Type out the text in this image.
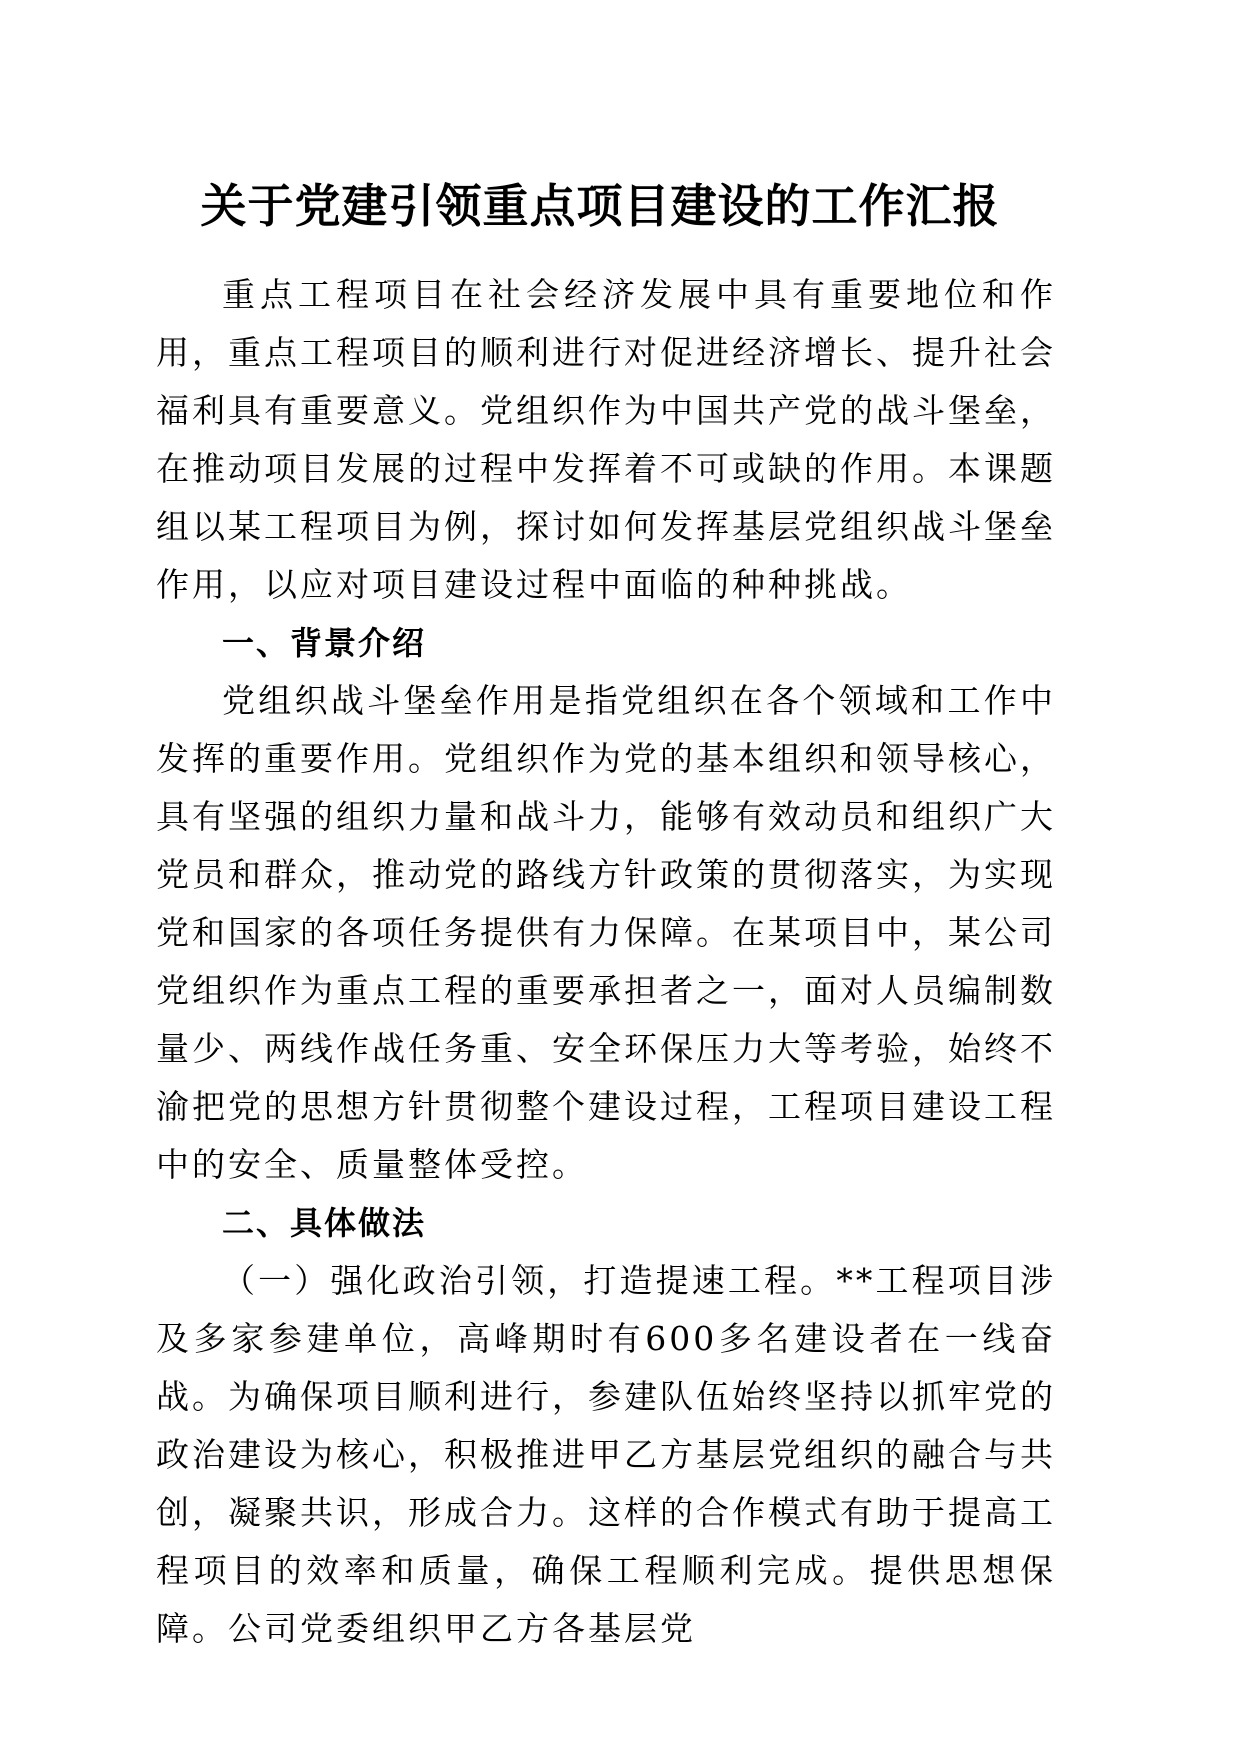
关于党建引领重点项目建设的工作汇报

重点工程项目在社会经济发展中具有重要地位和作用，重点工程项目的顺利进行对促进经济增长、提升社会福利具有重要意义。党组织作为中国共产党的战斗堡垒，在推动项目发展的过程中发挥着不可或缺的作用。本课题组以某工程项目为例，探讨如何发挥基层党组织战斗堡垒作用，以应对项目建设过程中面临的种种挑战。

一、背景介绍

党组织战斗堡垒作用是指党组织在各个领域和工作中发挥的重要作用。党组织作为党的基本组织和领导核心，具有坚强的组织力量和战斗力，能够有效动员和组织广大党员和群众，推动党的路线方针政策的贯彻落实，为实现党和国家的各项任务提供有力保障。在某项目中，某公司党组织作为重点工程的重要承担者之一，面对人员编制数量少、两线作战任务重、安全环保压力大等考验，始终不渝把党的思想方针贯彻整个建设过程，工程项目建设工程中的安全、质量整体受控。

二、具体做法

（一）强化政治引领，打造提速工程。**工程项目涉及多家参建单位，高峰期时有600多名建设者在一线奋战。为确保项目顺利进行，参建队伍始终坚持以抓牢党的政治建设为核心，积极推进甲乙方基层党组织的融合与共创，凝聚共识，形成合力。这样的合作模式有助于提高工程项目的效率和质量，确保工程顺利完成。提供思想保障。公司党委组织甲乙方各基层党
